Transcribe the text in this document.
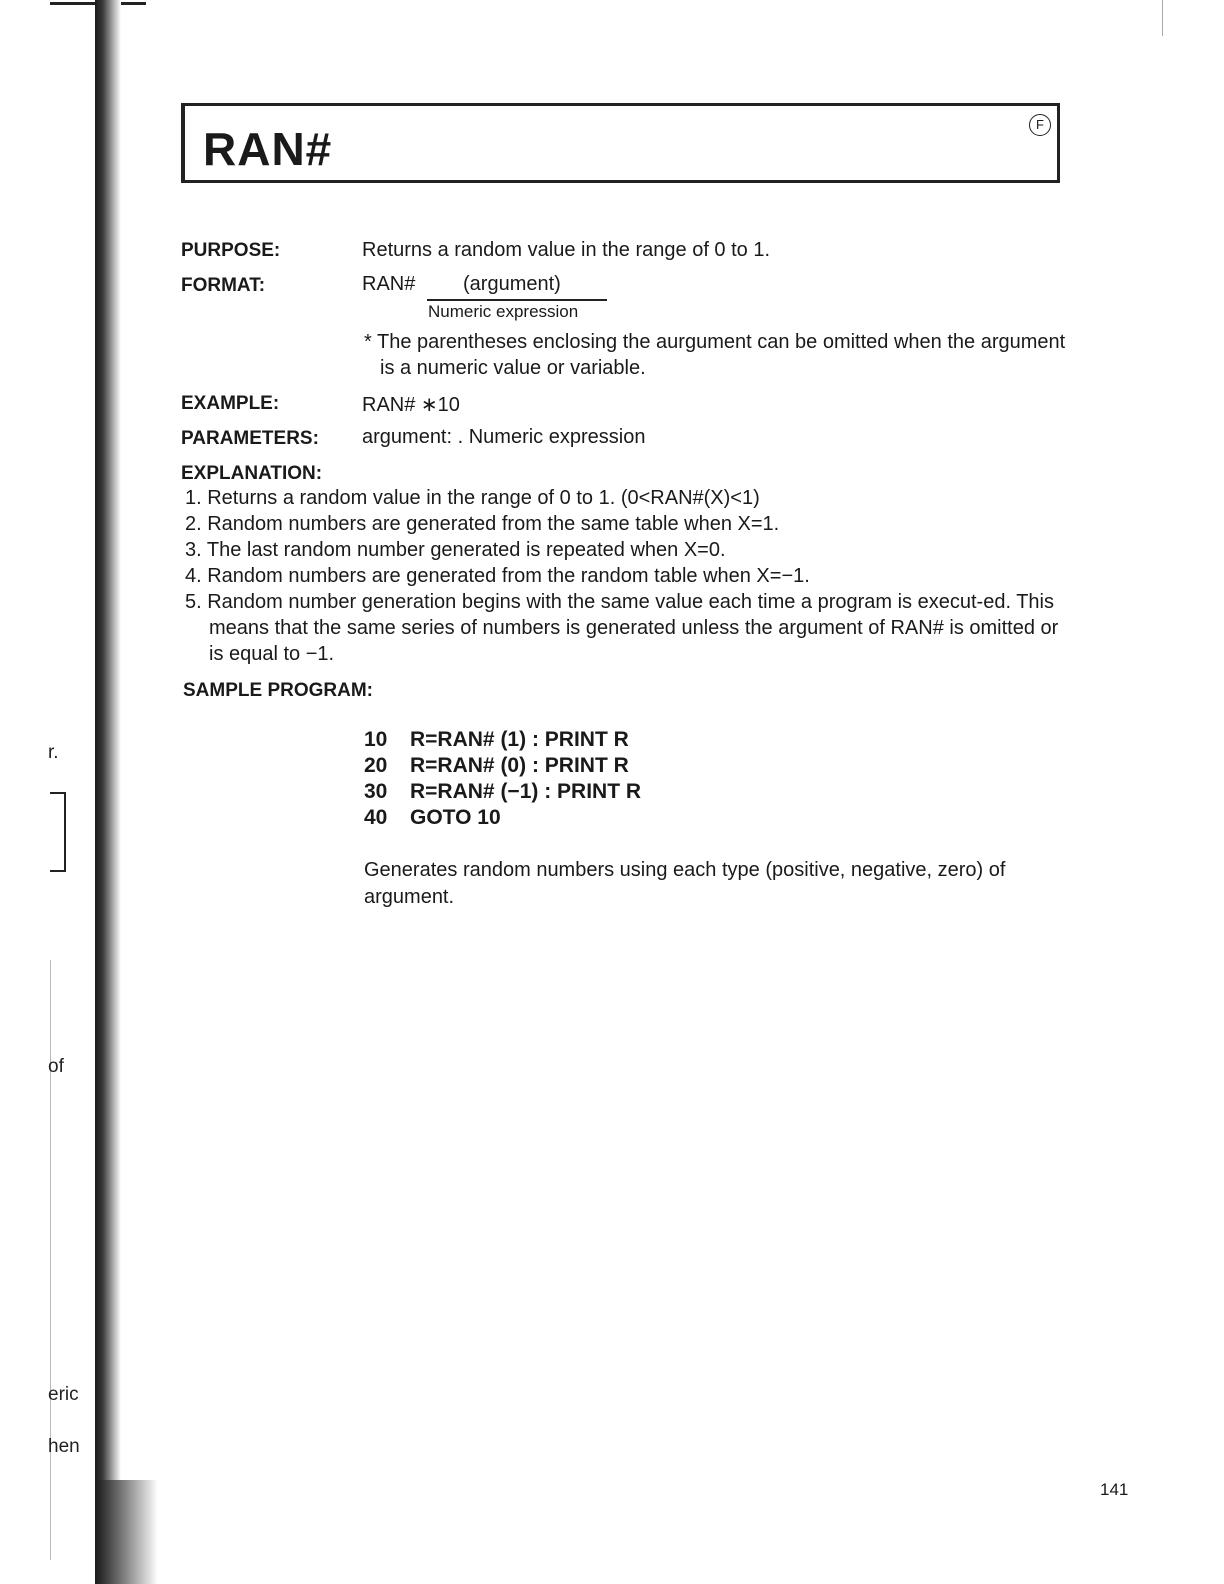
r.
of
eric
hen
RAN#	F
PURPOSE:	Returns a random value in the range of 0 to 1.
FORMAT:	RAN# (argument)
Numeric expression
* The parentheses enclosing the aurgument can be omitted when the argument is a numeric value or variable.
EXAMPLE:	RAN# ∗10
PARAMETERS: argument: . Numeric expression
EXPLANATION:
1. Returns a random value in the range of 0 to 1. (0<RAN#(X)<1)
2. Random numbers are generated from the same table when X=1.
3. The last random number generated is repeated when X=0.
4. Random numbers are generated from the random table when X=−1.
5. Random number generation begins with the same value each time a program is execut-ed. This means that the same series of numbers is generated unless the argument of RAN# is omitted or is equal to −1.
SAMPLE PROGRAM:
10 R=RAN# (1) : PRINT R
20 R=RAN# (0) : PRINT R
30 R=RAN# (−1) : PRINT R
40 GOTO 10
Generates random numbers using each type (positive, negative, zero) of argument.
141
